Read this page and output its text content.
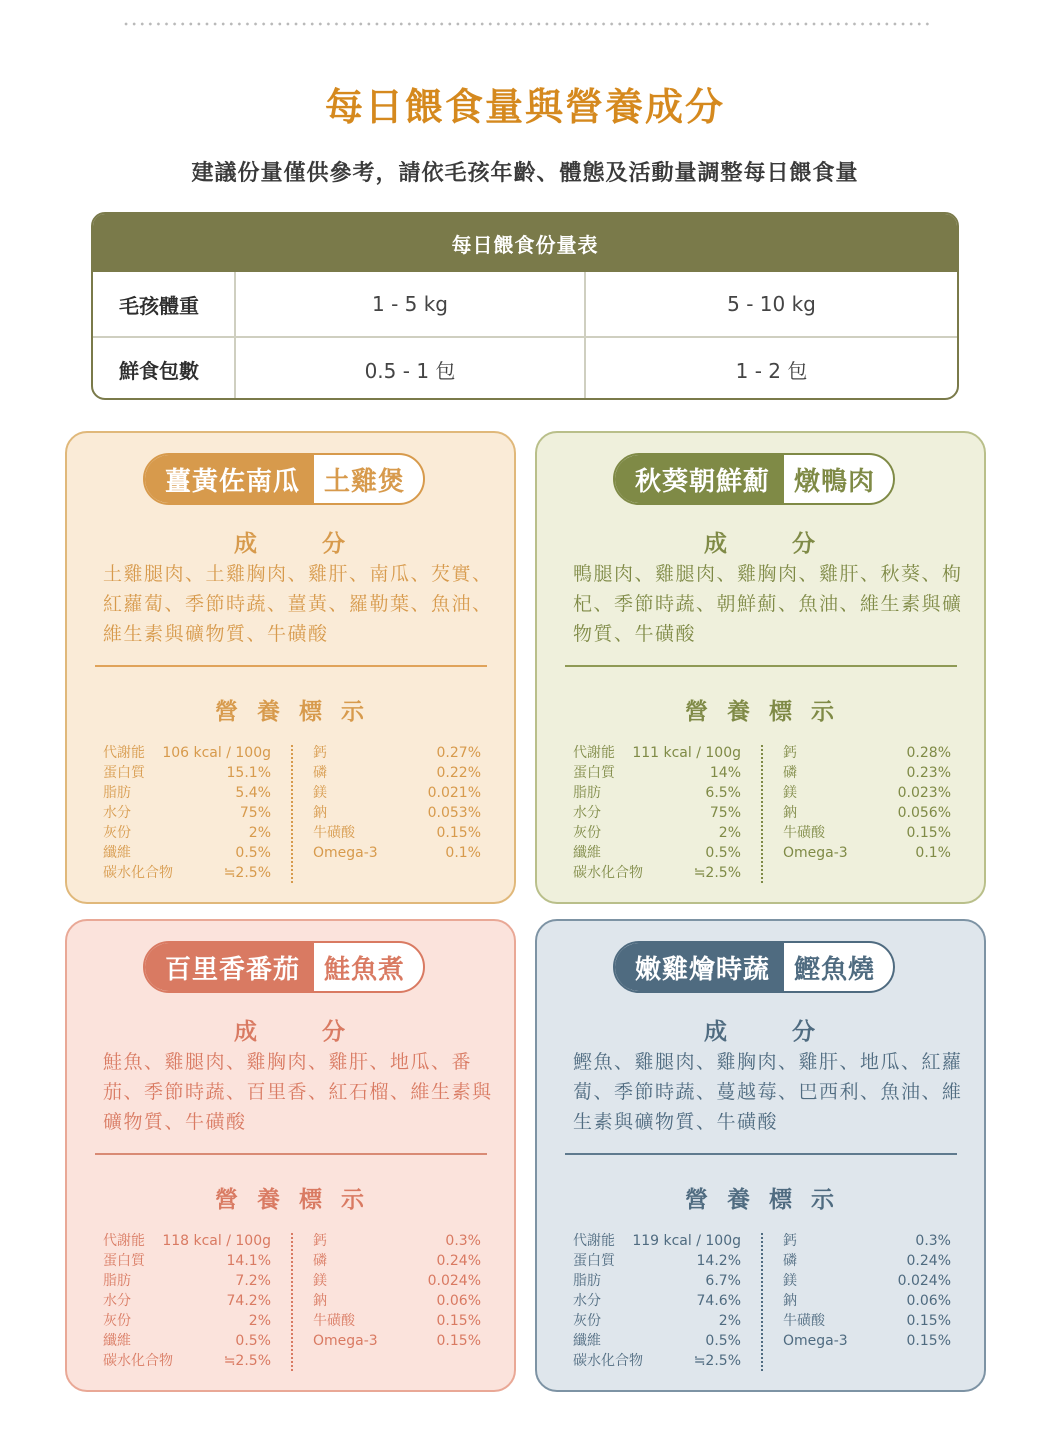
每日餵食量與營養成分

建議份量僅供參考，請依毛孩年齡、體態及活動量調整每日餵食量

每日餵食份量表
毛孩體重	1 - 5 kg	5 - 10 kg
鮮食包數	0.5 - 1 包	1 - 2 包
薑黃佐南瓜 土雞煲
成	分
土雞腿肉、土雞胸肉、雞肝、南瓜、芡實、紅蘿蔔、季節時蔬、薑黃、羅勒葉、魚油、維生素與礦物質、牛磺酸
營 養 標 示
代謝能 106 kcal / 100g
蛋白質	15.1%
脂肪	5.4%
水分	75%
灰份	2%
纖維	0.5%
碳水化合物	≒2.5%
鈣	0.27%
磷	0.22%
鎂	0.021%
鈉	0.053%
牛磺酸	0.15%
Omega-3	0.1%
秋葵朝鮮薊 燉鴨肉
成	分
鴨腿肉、雞腿肉、雞胸肉、雞肝、秋葵、枸杞、季節時蔬、朝鮮薊、魚油、維生素與礦物質、牛磺酸
營 養 標 示
代謝能 111 kcal / 100g
蛋白質	14%
脂肪	6.5%
水分	75%
灰份	2%
纖維	0.5%
碳水化合物	≒2.5%
鈣	0.28%
磷	0.23%
鎂	0.023%
鈉	0.056%
牛磺酸	0.15%
Omega-3	0.1%
百里香番茄 鮭魚煮
成	分
鮭魚、雞腿肉、雞胸肉、雞肝、地瓜、番茄、季節時蔬、百里香、紅石榴、維生素與礦物質、牛磺酸
營 養 標 示
代謝能 118 kcal / 100g
蛋白質	14.1%
脂肪	7.2%
水分	74.2%
灰份	2%
纖維	0.5%
碳水化合物	≒2.5%
鈣	0.3%
磷	0.24%
鎂	0.024%
鈉	0.06%
牛磺酸	0.15%
Omega-3	0.15%
嫩雞燴時蔬 鰹魚燒
成	分
鰹魚、雞腿肉、雞胸肉、雞肝、地瓜、紅蘿蔔、季節時蔬、蔓越莓、巴西利、魚油、維生素與礦物質、牛磺酸
營 養 標 示
代謝能 119 kcal / 100g
蛋白質	14.2%
脂肪	6.7%
水分	74.6%
灰份	2%
纖維	0.5%
碳水化合物	≒2.5%
鈣	0.3%
磷	0.24%
鎂	0.024%
鈉	0.06%
牛磺酸	0.15%
Omega-3	0.15%
